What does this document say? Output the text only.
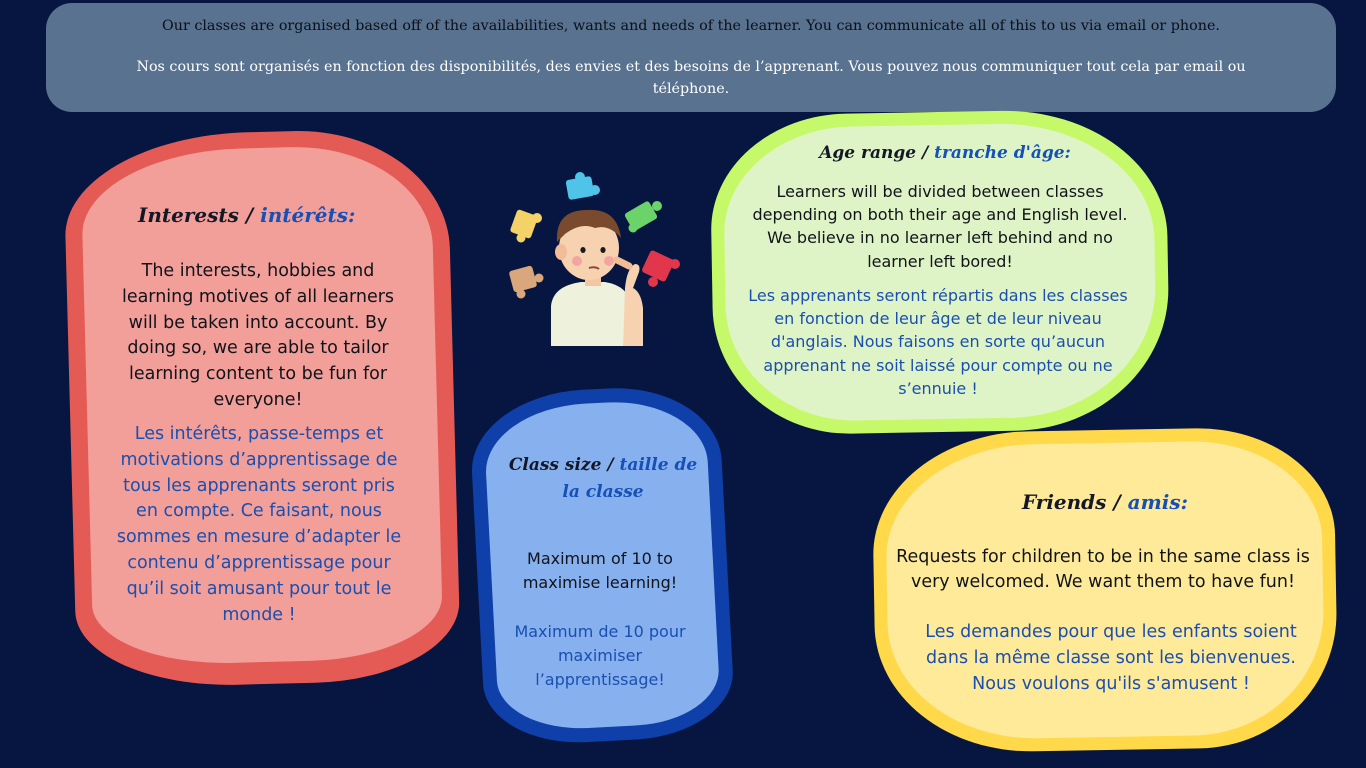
Our classes are organised based off of the availabilities, wants and needs of the learner. You can communicate all of this to us via email or phone.
Nos cours sont organisés en fonction des disponibilités, des envies et des besoins de l’apprenant. Vous pouvez nous communiquer tout cela par email ou téléphone.
Interests / intérêts:
The interests, hobbies and learning motives of all learners will be taken into account. By doing so, we are able to tailor learning content to be fun for everyone!
Les intérêts, passe-temps et motivations d’apprentissage de tous les apprenants seront pris en compte. Ce faisant, nous sommes en mesure d’adapter le contenu d’apprentissage pour qu’il soit amusant pour tout le monde !
Age range / tranche d'âge:
Learners will be divided between classes depending on both their age and English level. We believe in no learner left behind and no learner left bored!
Les apprenants seront répartis dans les classes en fonction de leur âge et de leur niveau d'anglais. Nous faisons en sorte qu’aucun apprenant ne soit laissé pour compte ou ne s’ennuie !
Class size / taille de la classe
Maximum of 10 to maximise learning!
Maximum de 10 pour maximiser l’apprentissage!
Friends / amis:
Requests for children to be in the same class is very welcomed. We want them to have fun!
Les demandes pour que les enfants soient dans la même classe sont les bienvenues. Nous voulons qu'ils s'amusent !
